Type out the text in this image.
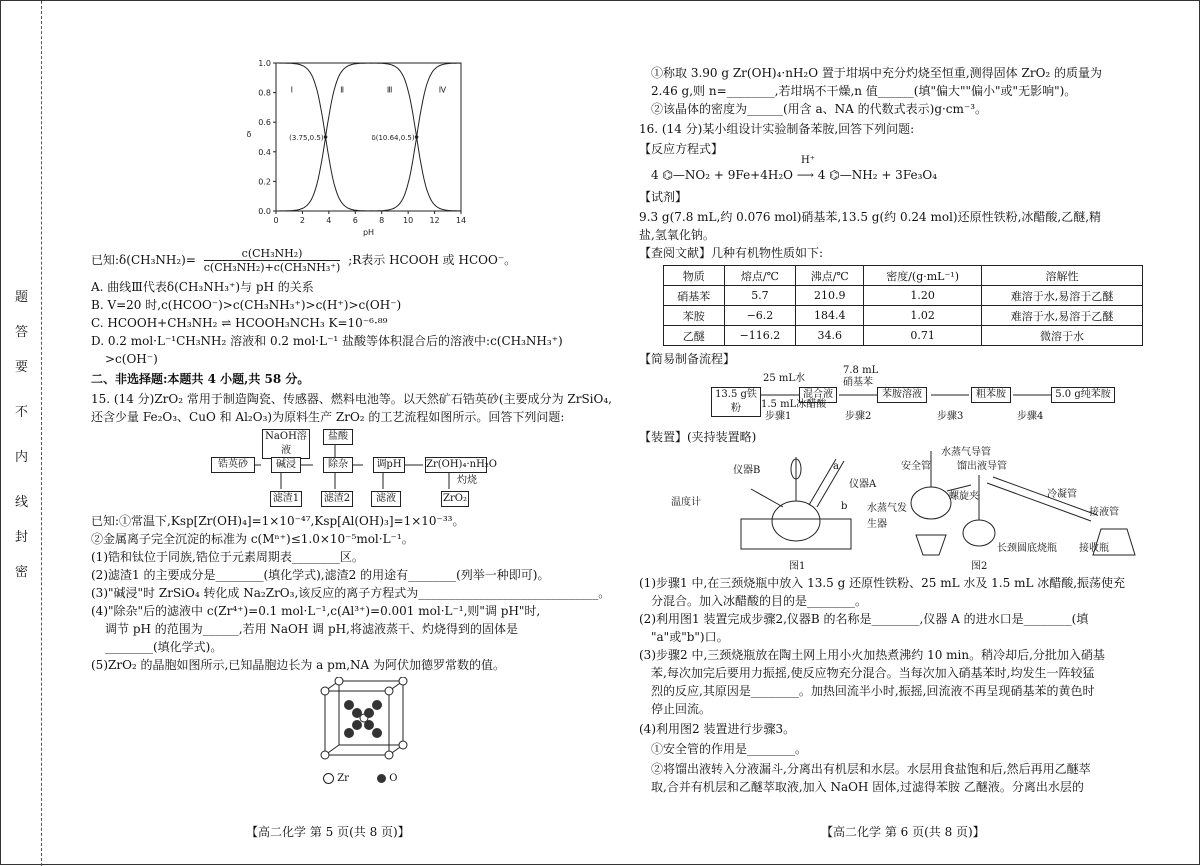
题
答
要
不
内
线
封
密
0	2	4	6	8 10 12 14
0.0
0.2
0.4
0.6
0.8
1.0
pH
δ
Ⅰ	Ⅱ	Ⅲ	Ⅳ
(3.75,0.5)	δ(10.64,0.5)
已知:δ(CH₃NH₂)= $\frac{\text{c(CH₃NH₂)}}{\text{c(CH₃NH₂)+c(CH₃NH₃⁺)}}$ ;R表示 HCOOH 或 HCOO⁻。
A. 曲线Ⅲ代表δ(CH₃NH₃⁺)与 pH 的关系
B. V=20 时,c(HCOO⁻)>c(CH₃NH₃⁺)>c(H⁺)>c(OH⁻)
C. HCOOH+CH₃NH₂ ⇌ HCOOH₃NCH₃ K=10⁻⁶·⁸⁹
D. 0.2 mol·L⁻¹CH₃NH₂ 溶液和 0.2 mol·L⁻¹ 盐酸等体积混合后的溶液中:c(CH₃NH₃⁺)
>c(OH⁻)
二、非选择题:本题共 4 小题,共 58 分。
15. (14 分)ZrO₂ 常用于制造陶瓷、传感器、燃料电池等。以天然矿石锆英砂(主要成分为 ZrSiO₄,
还含少量 Fe₂O₃、CuO 和 Al₂O₃)为原料生产 ZrO₂ 的工艺流程如图所示。回答下列问题:
锆英砂
NaOH溶液
盐酸
碱浸	除杂	调pH	Zr(OH)₄·nH₂O
滤渣1 滤渣2	滤液	ZrO₂
灼烧
已知:①常温下,Ksp[Zr(OH)₄]=1×10⁻⁴⁷,Ksp[Al(OH)₃]=1×10⁻³³。
②金属离子完全沉淀的标准为 c(Mⁿ⁺)≤1.0×10⁻⁵mol·L⁻¹。
(1)锆和钛位于同族,锆位于元素周期表________区。
(2)滤渣1 的主要成分是________(填化学式),滤渣2 的用途有________(列举一种即可)。
(3)"碱浸"时 ZrSiO₄ 转化成 Na₂ZrO₃,该反应的离子方程式为______________________________。
(4)"除杂"后的滤液中 c(Zr⁴⁺)=0.1 mol·L⁻¹,c(Al³⁺)=0.001 mol·L⁻¹,则"调 pH"时,
调节 pH 的范围为______,若用 NaOH 调 pH,将滤液蒸干、灼烧得到的固体是
________(填化学式)。
(5)ZrO₂ 的晶胞如图所示,已知晶胞边长为 a pm,NA 为阿伏加德罗常数的值。
Zr	O
【高二化学 第 5 页(共 8 页)】
①称取 3.90 g Zr(OH)₄·nH₂O 置于坩埚中充分灼烧至恒重,测得固体 ZrO₂ 的质量为
2.46 g,则 n=________,若坩埚不干燥,n 值______(填"偏大""偏小"或"无影响")。
②该晶体的密度为______(用含 a、NA 的代数式表示)g·cm⁻³。
16. (14 分)某小组设计实验制备苯胺,回答下列问题:
【反应方程式】
H⁺
4 ⌬—NO₂ + 9Fe+4H₂O ⟶ 4 ⌬—NH₂ + 3Fe₃O₄
【试剂】
9.3 g(7.8 mL,约 0.076 mol)硝基苯,13.5 g(约 0.24 mol)还原性铁粉,冰醋酸,乙醚,精
盐,氢氧化钠。
【查阅文献】几种有机物性质如下:
物质	熔点/℃	沸点/℃	密度/(g·mL⁻¹)	溶解性
硝基苯	5.7	210.9	1.20	难溶于水,易溶于乙醚
苯胺	−6.2	184.4	1.02	难溶于水,易溶于乙醚
乙醚	−116.2	34.6	0.71	微溶于水
【简易制备流程】
13.5 g铁粉
混合液	苯胺溶液	粗苯胺	5.0 g纯苯胺
25 mL水
1.5 mL冰醋酸
7.8 mL
硝基苯
步骤1	步骤2	步骤3	步骤4
【装置】(夹持装置略)
仪器B
仪器A
温度计
a
b
图1
水蒸气导管
安全管	馏出液导管
螺旋夹
水蒸气发生器
冷凝管
接液管
长颈圆底烧瓶 接收瓶
图2
(1)步骤1 中,在三颈烧瓶中放入 13.5 g 还原性铁粉、25 mL 水及 1.5 mL 冰醋酸,振荡使充
分混合。加入冰醋酸的目的是________。
(2)利用图1 装置完成步骤2,仪器B 的名称是________,仪器 A 的进水口是________(填
"a"或"b")口。
(3)步骤2 中,三颈烧瓶放在陶土网上用小火加热煮沸约 10 min。稍冷却后,分批加入硝基
苯,每次加完后要用力振摇,使反应物充分混合。当每次加入硝基苯时,均发生一阵较猛
烈的反应,其原因是________。加热回流半小时,振摇,回流液不再呈现硝基苯的黄色时
停止回流。
(4)利用图2 装置进行步骤3。
①安全管的作用是________。
②将馏出液转入分液漏斗,分离出有机层和水层。水层用食盐饱和后,然后再用乙醚萃
取,合并有机层和乙醚萃取液,加入 NaOH 固体,过滤得苯胺 乙醚液。分离出水层的
【高二化学 第 6 页(共 8 页)】
